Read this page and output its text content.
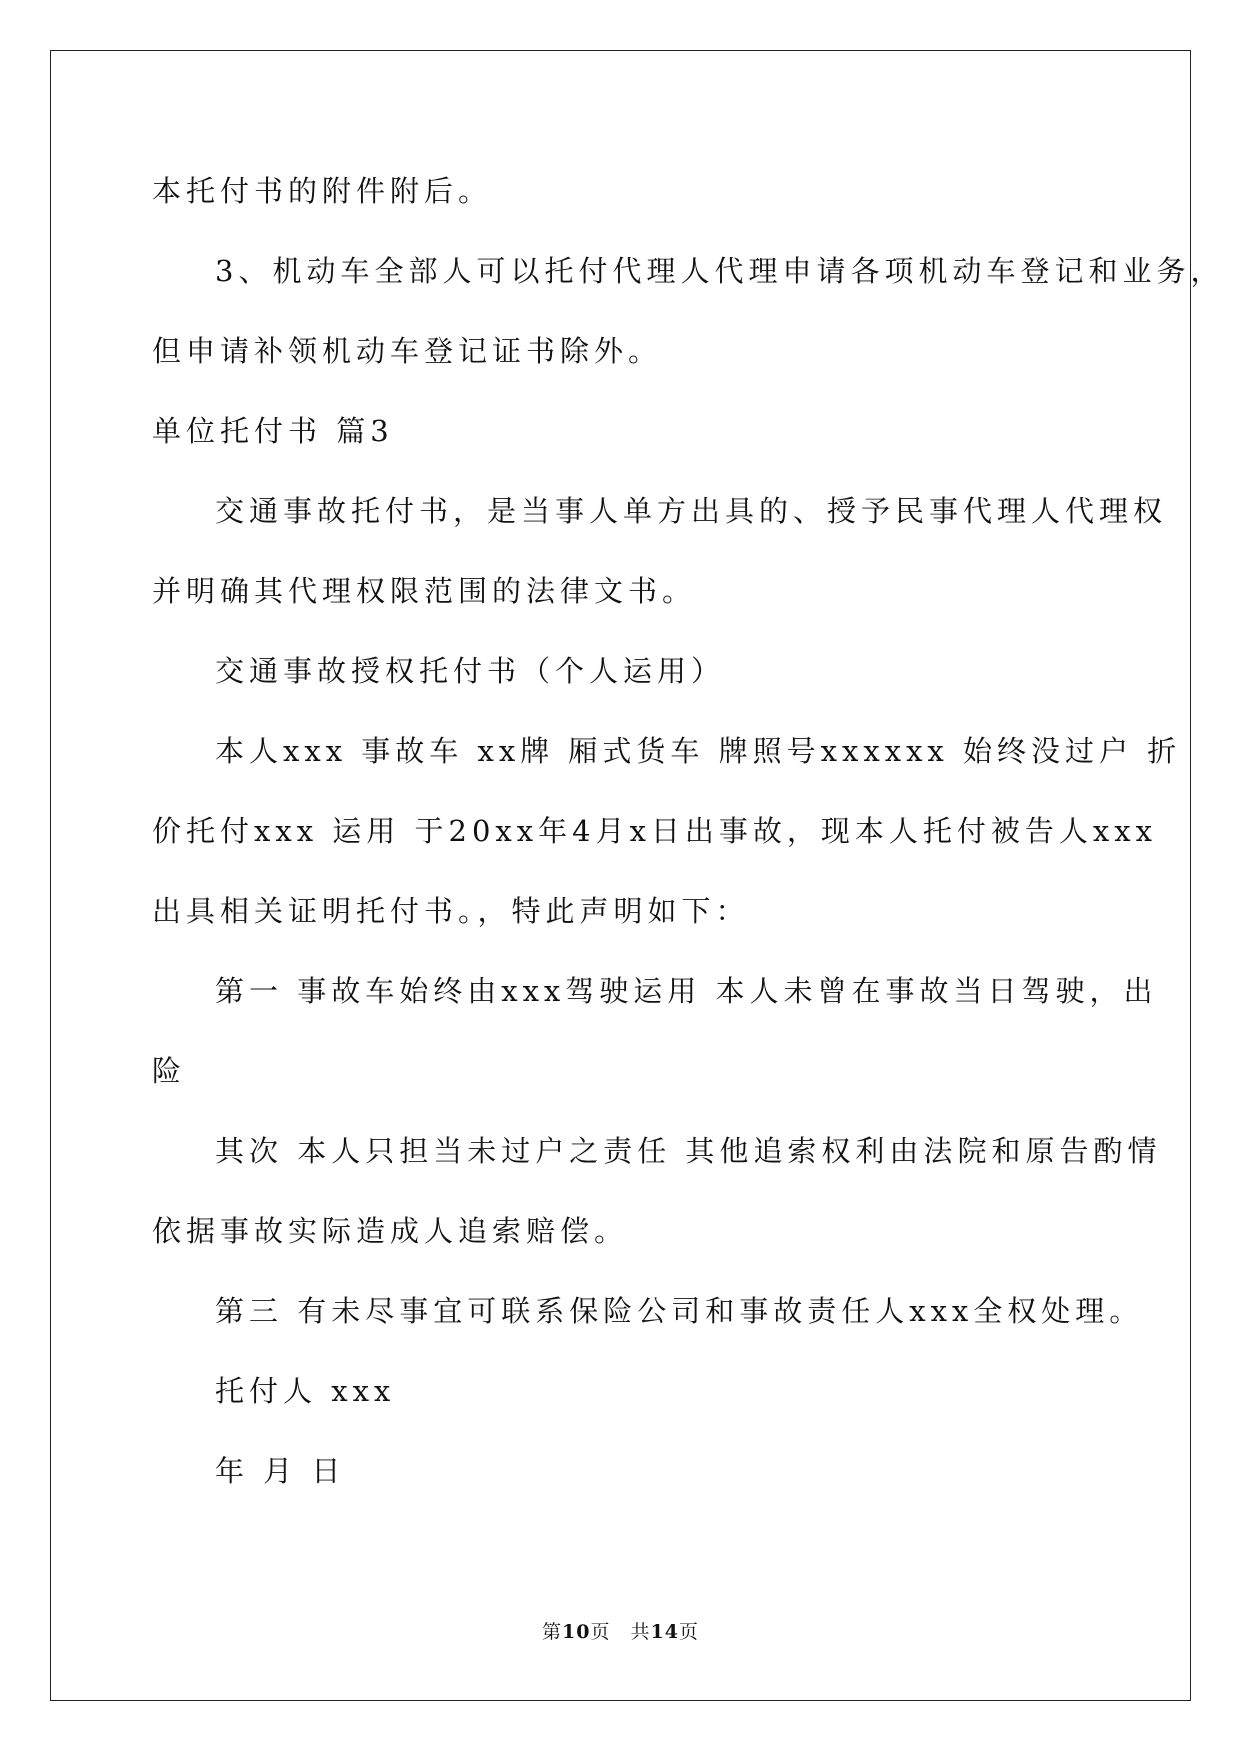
本托付书的附件附后。
3、机动车全部人可以托付代理人代理申请各项机动车登记和业务，
但申请补领机动车登记证书除外。
单位托付书 篇3
交通事故托付书，是当事人单方出具的、授予民事代理人代理权
并明确其代理权限范围的法律文书。
交通事故授权托付书（个人运用）
本人xxx 事故车 xx牌 厢式货车 牌照号xxxxxx 始终没过户 折
价托付xxx 运用 于20xx年4月x日出事故，现本人托付被告人xxx
出具相关证明托付书。，特此声明如下：
第一 事故车始终由xxx驾驶运用 本人未曾在事故当日驾驶，出
险
其次 本人只担当未过户之责任 其他追索权利由法院和原告酌情
依据事故实际造成人追索赔偿。
第三 有未尽事宜可联系保险公司和事故责任人xxx全权处理。
托付人 xxx
年 月 日
第10页 共14页
